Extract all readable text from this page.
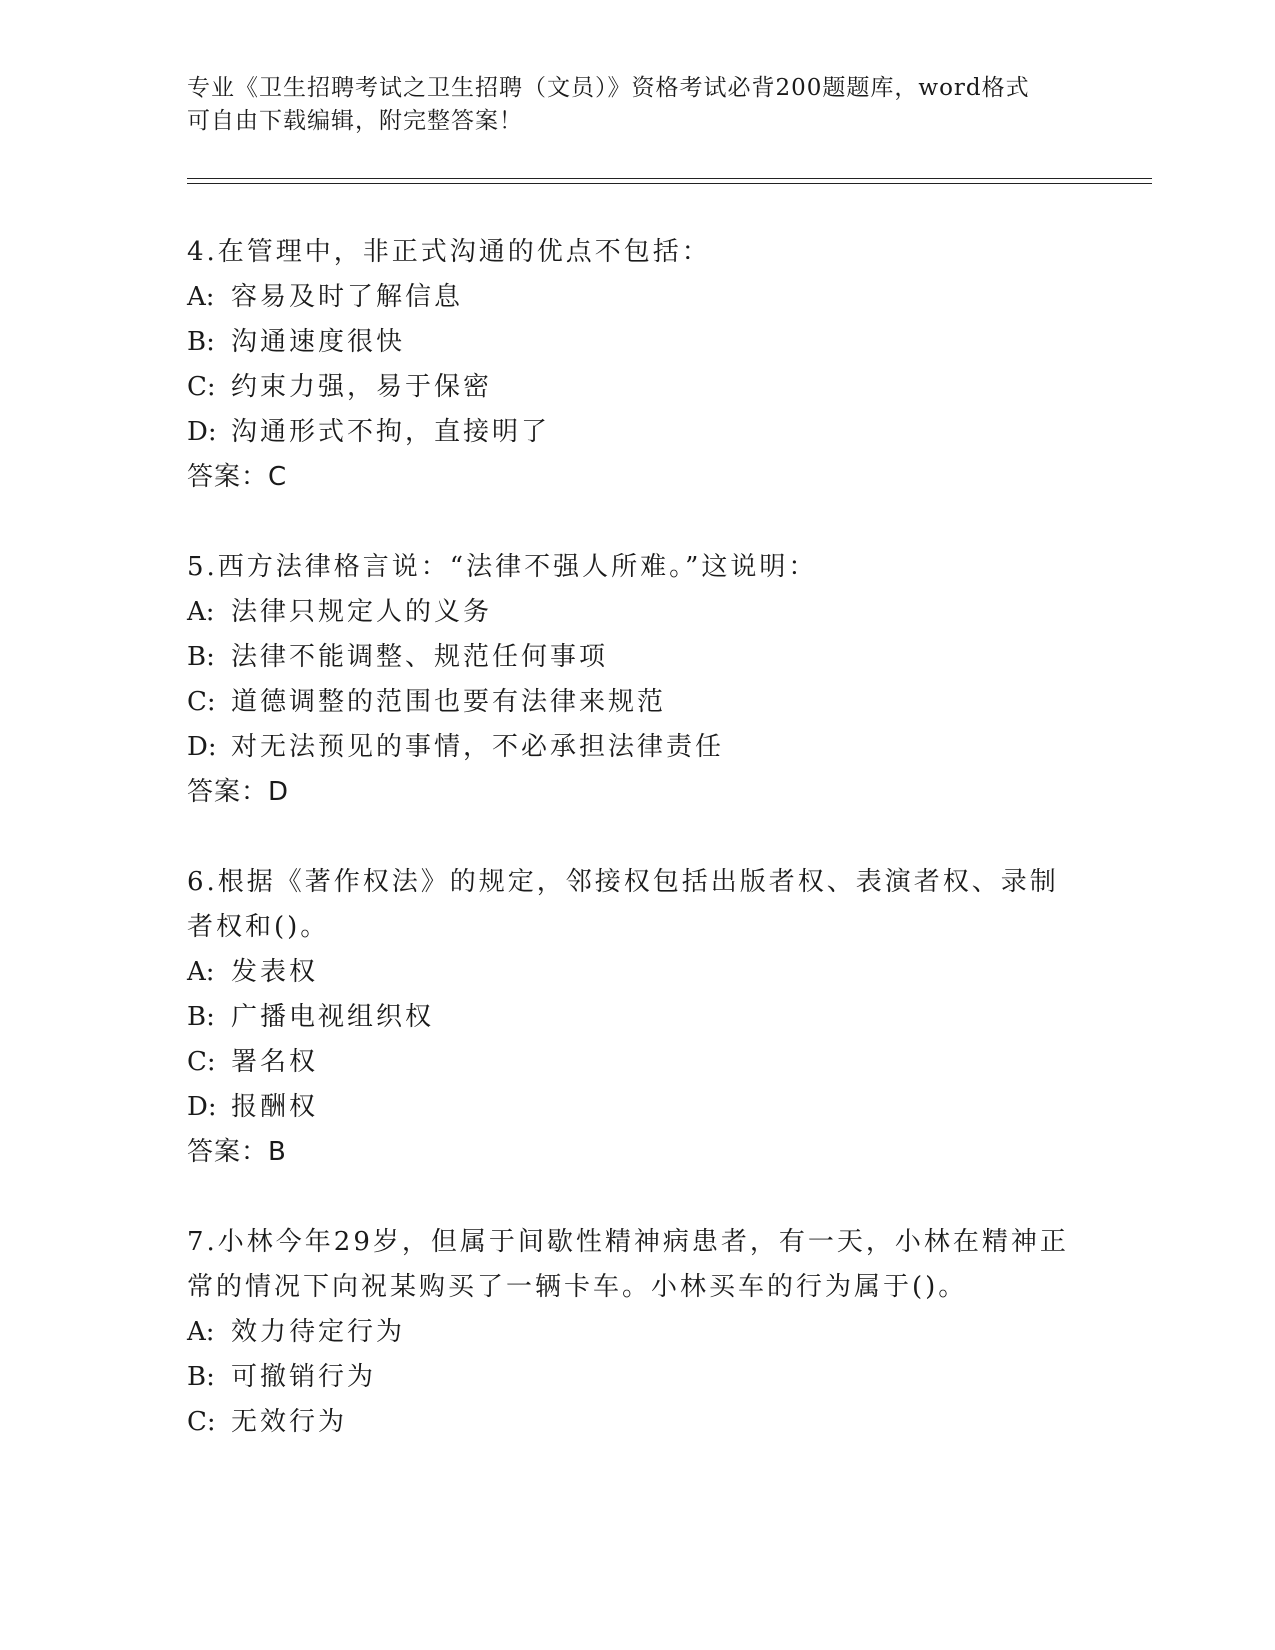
专业《卫生招聘考试之卫生招聘（文员）》资格考试必背200题题库，word格式
可自由下载编辑，附完整答案！

4.在管理中，非正式沟通的优点不包括：

A: 容易及时了解信息

B: 沟通速度很快

C: 约束力强，易于保密

D: 沟通形式不拘，直接明了

答案：C

5.西方法律格言说：“法律不强人所难。”这说明：

A: 法律只规定人的义务

B: 法律不能调整、规范任何事项

C: 道德调整的范围也要有法律来规范

D: 对无法预见的事情，不必承担法律责任

答案：D

6.根据《著作权法》的规定，邻接权包括出版者权、表演者权、录制者权和()。

A: 发表权

B: 广播电视组织权

C: 署名权

D: 报酬权

答案：B

7.小林今年29岁，但属于间歇性精神病患者，有一天，小林在精神正常的情况下向祝某购买了一辆卡车。小林买车的行为属于()。

A: 效力待定行为

B: 可撤销行为

C: 无效行为
